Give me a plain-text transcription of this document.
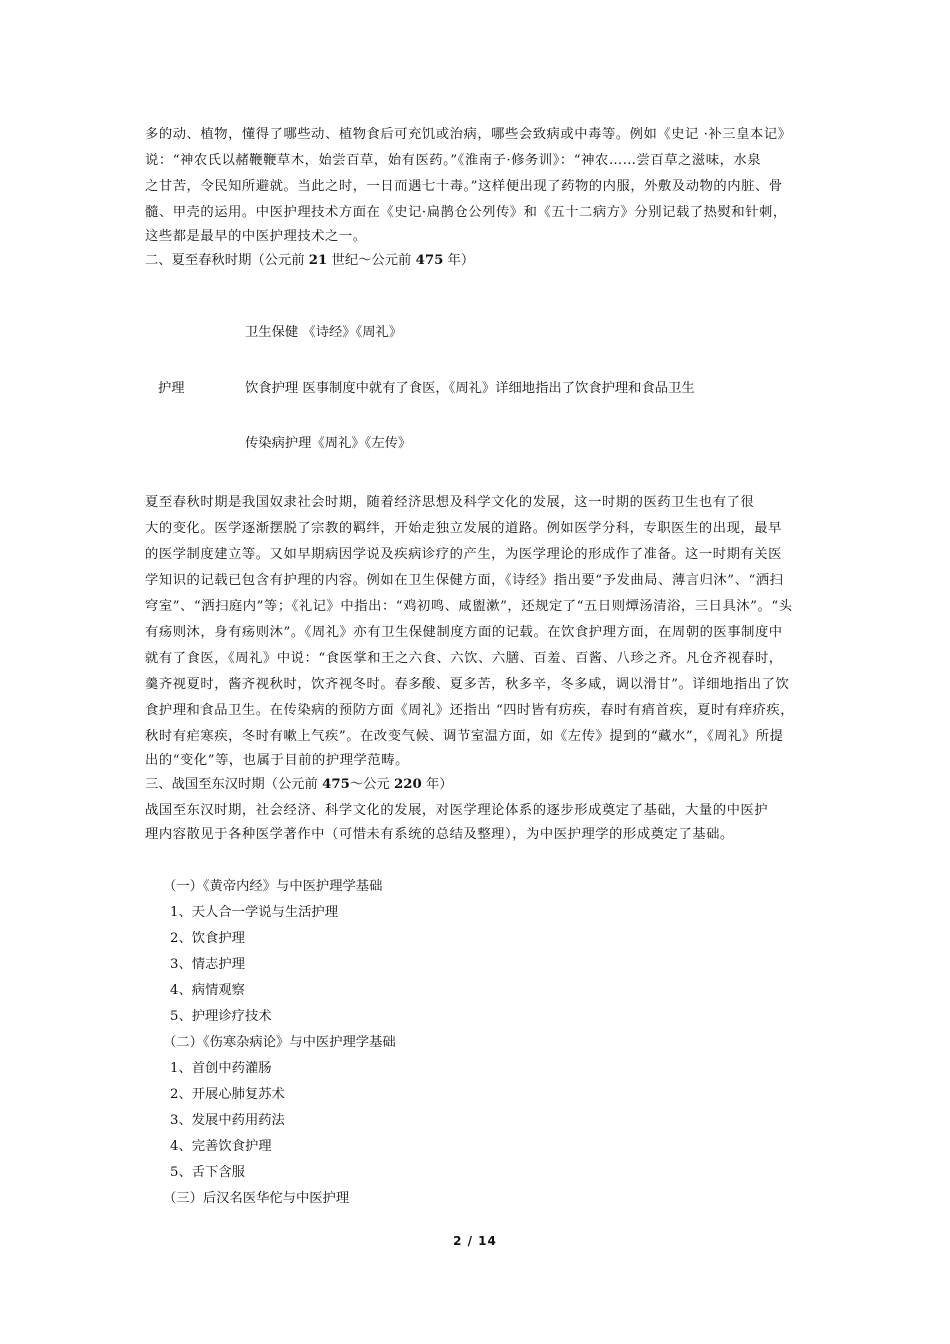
多的动、植物，懂得了哪些动、植物食后可充饥或治病，哪些会致病或中毒等。例如《史记 ·补三皇本记》
说：“神农氏以赭鞭鞭草木，始尝百草，始有医药。”《淮南子·修务训》：“神农……尝百草之滋味，水泉
之甘苦，令民知所避就。当此之时，一日而遇七十毒。”这样便出现了药物的内服，外敷及动物的内脏、骨
髓、甲壳的运用。中医护理技术方面在《史记·扁鹊仓公列传》和《五十二病方》分别记载了热熨和针刺，
这些都是最早的中医护理技术之一。
二、夏至春秋时期（公元前 21 世纪～公元前 475 年）
卫生保健 《诗经》《周礼》
护理	饮食护理 医事制度中就有了食医，《周礼》详细地指出了饮食护理和食品卫生
传染病护理《周礼》《左传》
夏至春秋时期是我国奴隶社会时期，随着经济思想及科学文化的发展，这一时期的医药卫生也有了很
大的变化。医学逐渐摆脱了宗教的羁绊，开始走独立发展的道路。例如医学分科，专职医生的出现，最早
的医学制度建立等。又如早期病因学说及疾病诊疗的产生，为医学理论的形成作了准备。这一时期有关医
学知识的记载已包含有护理的内容。例如在卫生保健方面，《诗经》指出要“予发曲局、薄言归沐”、“洒扫
穹室”、“洒扫庭内”等；《礼记》中指出：“鸡初鸣、咸盥漱”，还规定了“五日则燂汤清浴，三日具沐”。“头
有疡则沐，身有疡则沐”。《周礼》亦有卫生保健制度方面的记载。在饮食护理方面，在周朝的医事制度中
就有了食医，《周礼》中说：“食医掌和王之六食、六饮、六膳、百羞、百酱、八珍之齐。凡仓齐视春时，
羹齐视夏时，酱齐视秋时，饮齐视冬时。春多酸、夏多苦，秋多辛，冬多咸，调以滑甘”。详细地指出了饮
食护理和食品卫生。在传染病的预防方面《周礼》还指出 “四时皆有疠疾，春时有痟首疾，夏时有痒疥疾，
秋时有疟寒疾，冬时有嗽上气疾”。在改变气候、调节室温方面，如《左传》提到的“藏水”，《周礼》所提
出的“变化”等，也属于目前的护理学范畴。
三、战国至东汉时期（公元前 475～公元 220 年）
战国至东汉时期，社会经济、科学文化的发展，对医学理论体系的逐步形成奠定了基础，大量的中医护
理内容散见于各种医学著作中（可惜未有系统的总结及整理），为中医护理学的形成奠定了基础。
（一）《黄帝内经》与中医护理学基础
1、天人合一学说与生活护理
2、饮食护理
3、情志护理
4、病情观察
5、护理诊疗技术
（二）《伤寒杂病论》与中医护理学基础
1、首创中药灌肠
2、开展心肺复苏术
3、发展中药用药法
4、完善饮食护理
5、舌下含服
（三）后汉名医华佗与中医护理
2 / 14
